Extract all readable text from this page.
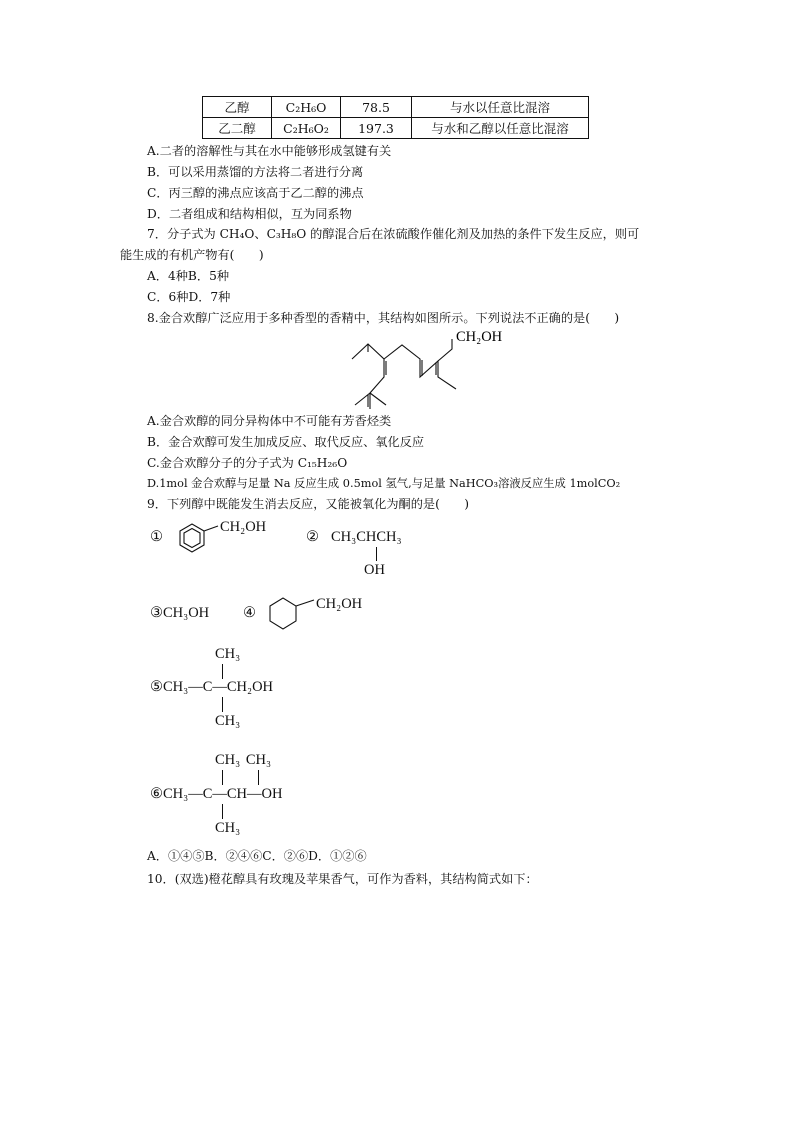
乙醇	C₂H₆O	78.5	与水以任意比混溶
乙二醇	C₂H₆O₂	197.3	与水和乙醇以任意比混溶
A.二者的溶解性与其在水中能够形成氢键有关
B．可以采用蒸馏的方法将二者进行分离
C．丙三醇的沸点应该高于乙二醇的沸点
D．二者组成和结构相似，互为同系物
7．分子式为 CH₄O、C₃H₈O 的醇混合后在浓硫酸作催化剂及加热的条件下发生反应，则可
能生成的有机产物有(　　)
A．4种B．5种
C．6种D．7种
8.金合欢醇广泛应用于多种香型的香精中，其结构如图所示。下列说法不正确的是(　　)
CH₂OH
A.金合欢醇的同分异构体中不可能有芳香烃类
B．金合欢醇可发生加成反应、取代反应、氧化反应
C.金合欢醇分子的分子式为 C₁₅H₂₆O
D.1mol 金合欢醇与足量 Na 反应生成 0.5mol 氢气,与足量 NaHCO₃溶液反应生成 1molCO₂
9．下列醇中既能发生消去反应，又能被氧化为酮的是(　　)
①
CH₂OH
② CH₃CHCH₃
OH
③CH₃OH ④
CH₂OH
CH₃
⑤CH₃—C—CH₂OH
CH₃
CH₃ CH₃
⑥CH₃—C—CH—OH
CH₃
A．①④⑤B．②④⑥C．②⑥D．①②⑥
10．(双选)橙花醇具有玫瑰及苹果香气，可作为香料，其结构简式如下：
